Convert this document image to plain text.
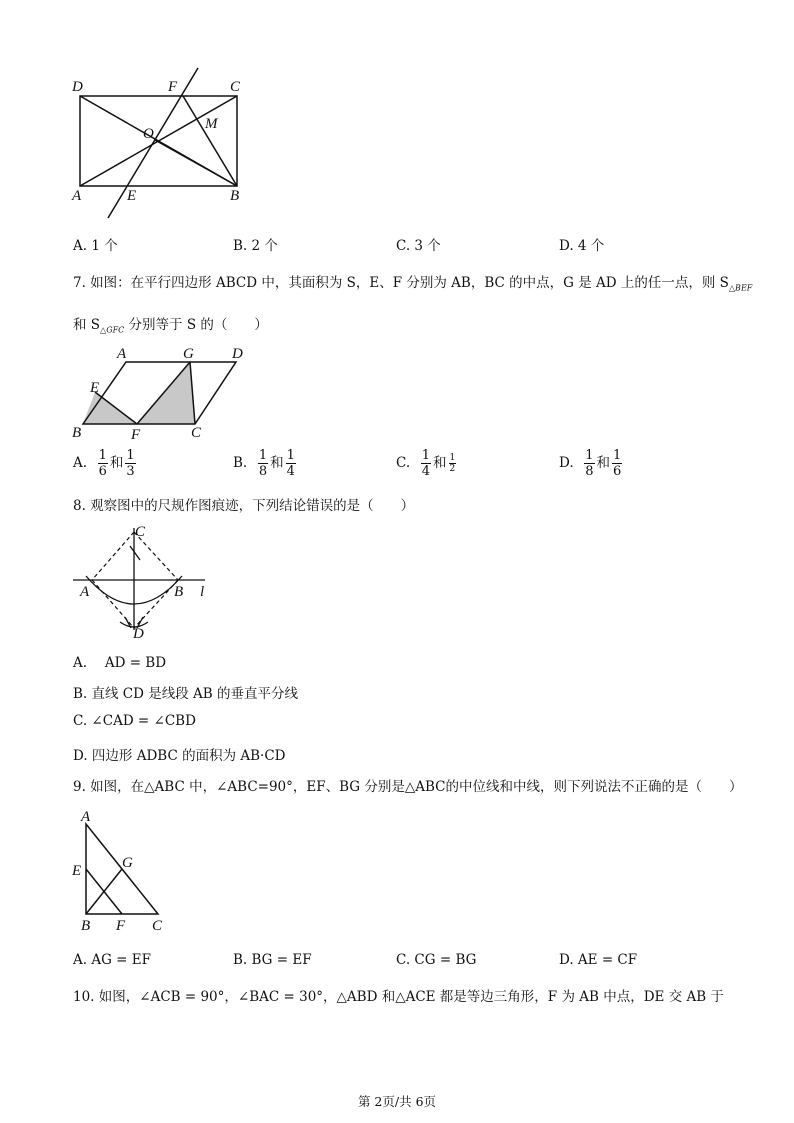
D	F	C
O
M
A	E	B
A. 1 个	B. 2 个	C. 3 个	D. 4 个
7. 如图：在平行四边形 ABCD 中，其面积为 S，E、F 分别为 AB，BC 的中点，G 是 AD 上的任一点，则 $S_{\triangle BEF}$
和 $S_{\triangle GFC}$ 分别等于 S 的（　　）
A	G	D
E
B	F	C
A. $\frac{1}{6}$ 和 $\frac{1}{3}$	B. $\frac{1}{8}$ 和 $\frac{1}{4}$	C. $\frac{1}{4}$ 和 $\frac{1}{2}$	D. $\frac{1}{8}$ 和 $\frac{1}{6}$
8. 观察图中的尺规作图痕迹，下列结论错误的是（　　）
C
A	B l
D
A.　 AD = BD
B. 直线 CD 是线段 AB 的垂直平分线
C. ∠CAD = ∠CBD
D. 四边形 ADBC 的面积为 AB·CD
9. 如图，在△ABC 中，∠ABC=90°，EF、BG 分别是△ABC的中位线和中线，则下列说法不正确的是（　　）
A
E	G
B F C
A. AG = EF	B. BG = EF	C. CG = BG	D. AE = CF
10. 如图，∠ACB = 90°，∠BAC = 30°，△ABD 和△ACE 都是等边三角形，F 为 AB 中点，DE 交 AB 于
第 2页/共 6页
